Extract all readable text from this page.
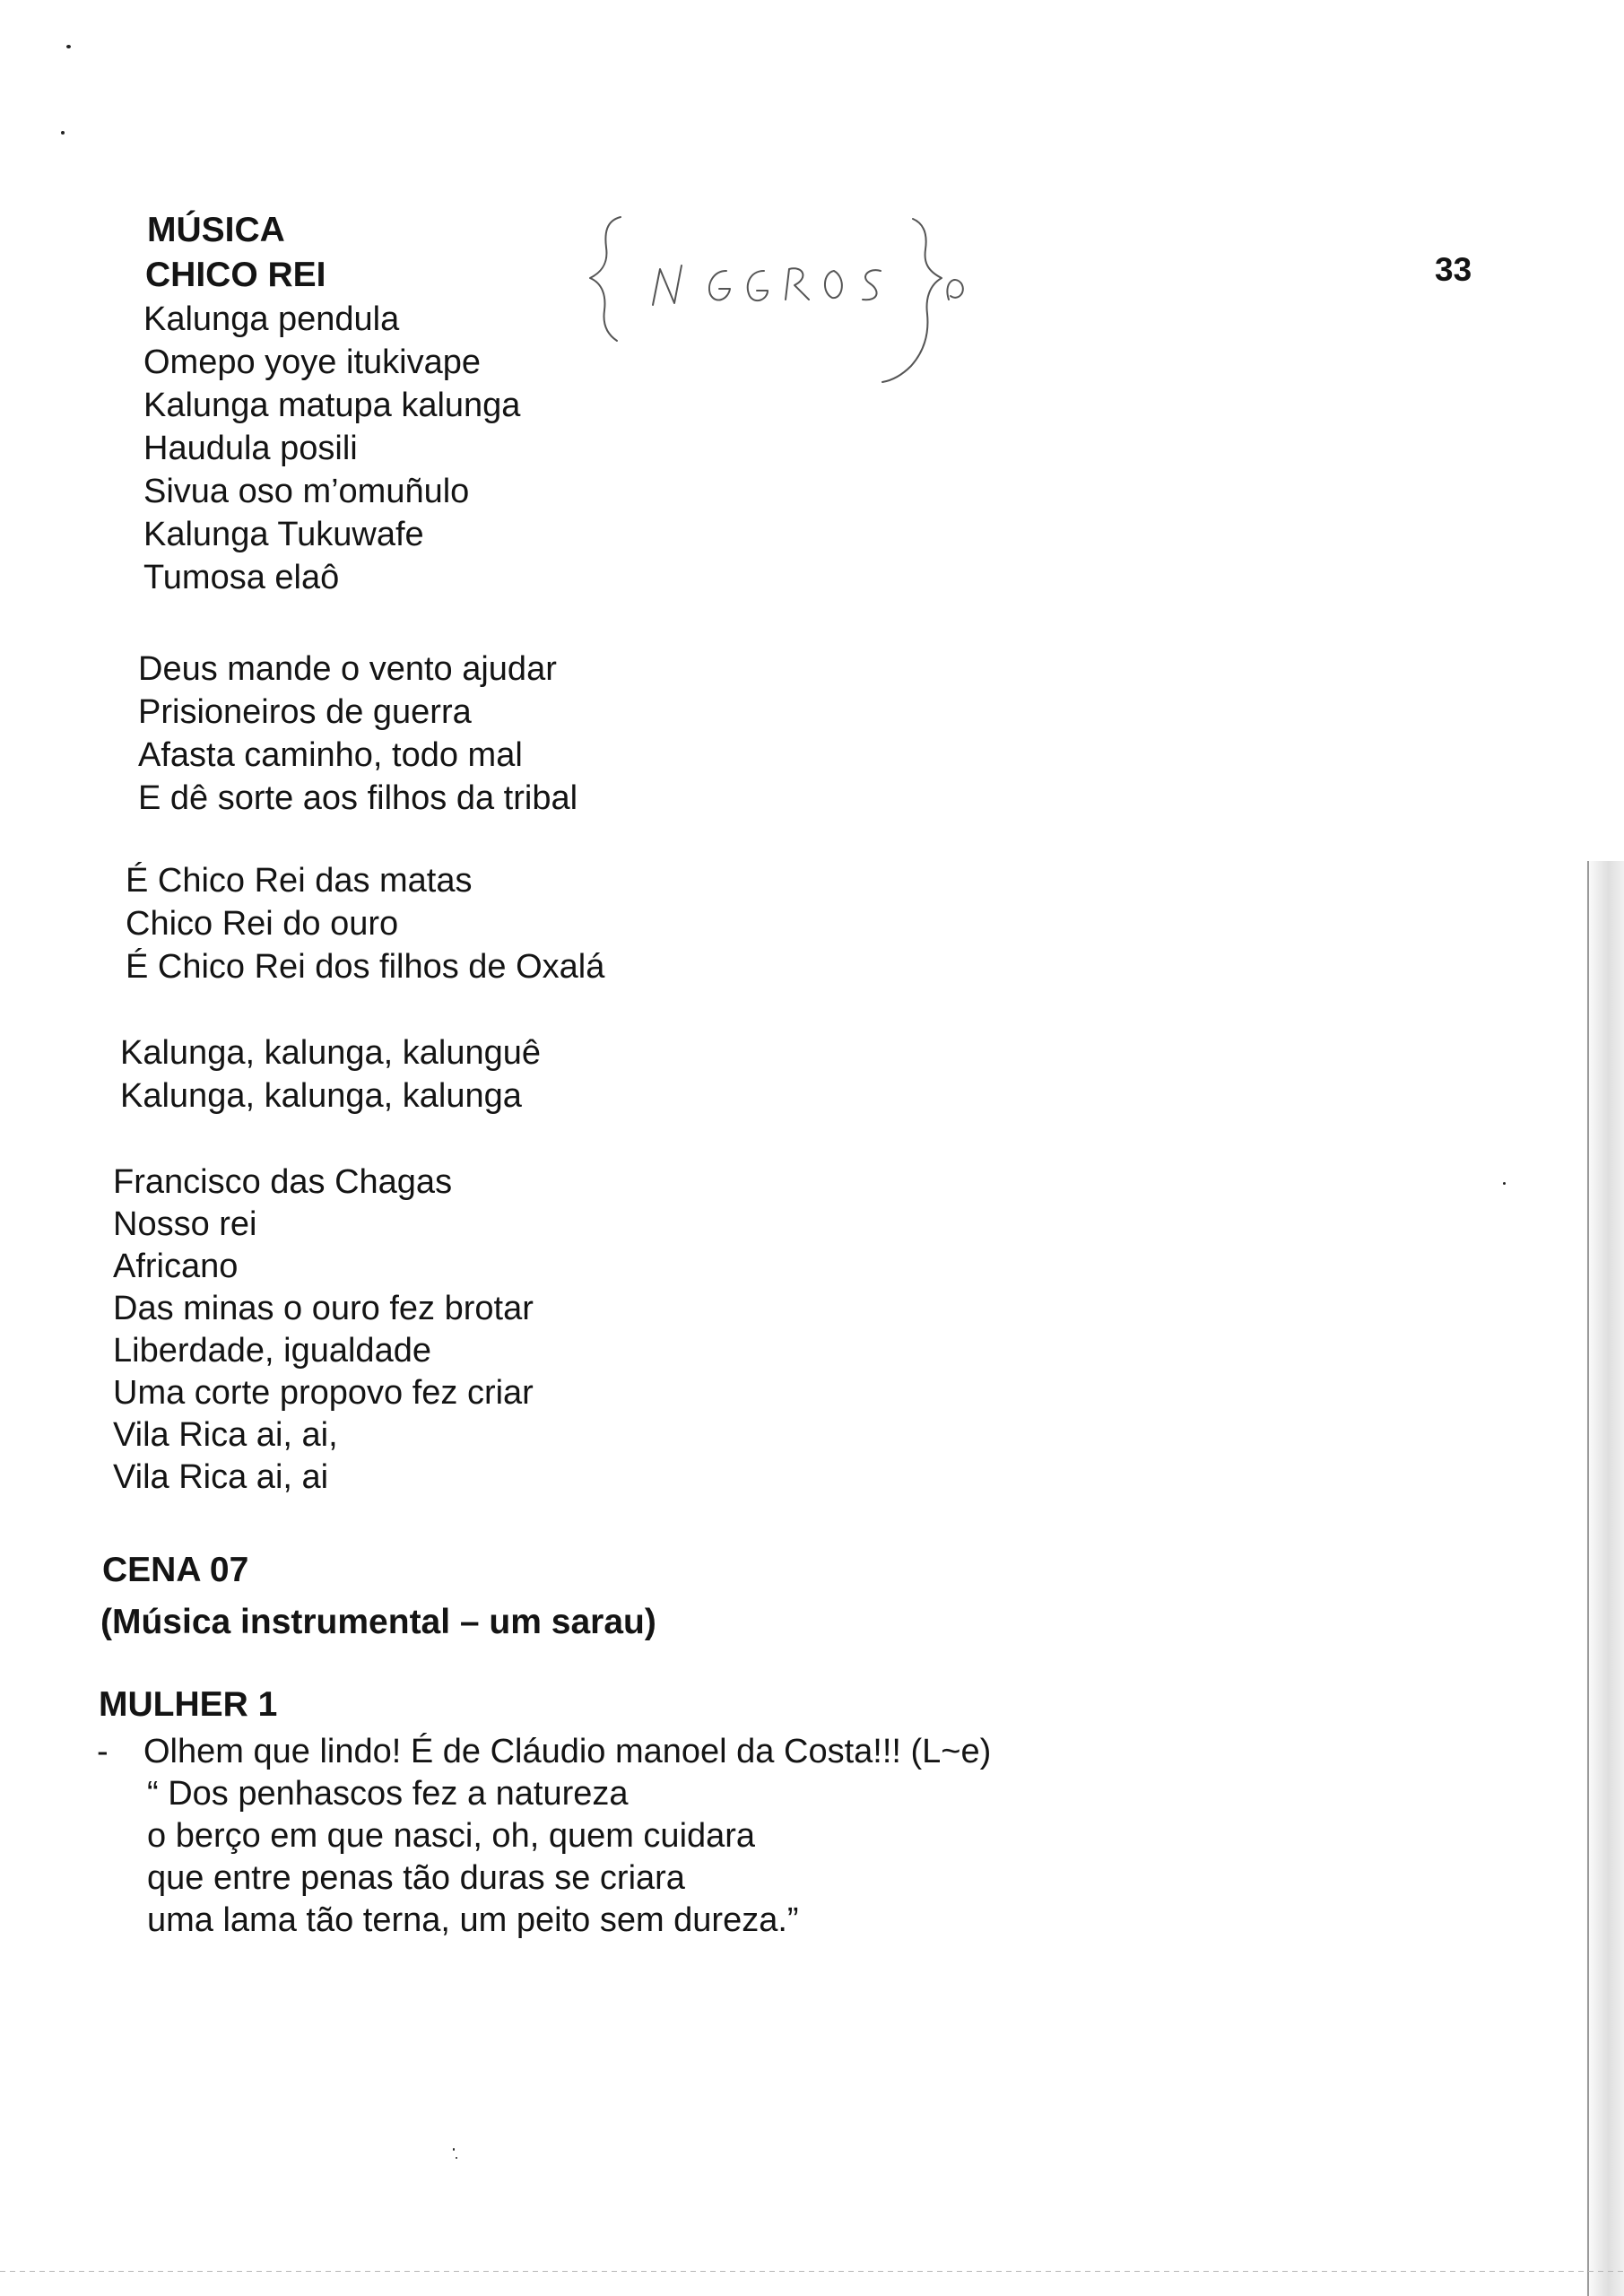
33
MÚSICA
CHICO REI
Kalunga pendula
Omepo yoye itukivape
Kalunga matupa kalunga
Haudula posili
Sivua oso m’omuñulo
Kalunga Tukuwafe
Tumosa elaô
Deus mande o vento ajudar
Prisioneiros de guerra
Afasta caminho, todo mal
E dê sorte aos filhos da tribal
É Chico Rei das matas
Chico Rei do ouro
É Chico Rei dos filhos de Oxalá
Kalunga, kalunga, kalunguê
Kalunga, kalunga, kalunga
Francisco das Chagas
Nosso rei
Africano
Das minas o ouro fez brotar
Liberdade, igualdade
Uma corte propovo fez criar
Vila Rica ai, ai,
Vila Rica ai, ai
CENA 07
(Música instrumental – um sarau)
MULHER 1
- Olhem que lindo! É de Cláudio manoel da Costa!!! (L~e)
“ Dos penhascos fez a natureza
o berço em que nasci, oh, quem cuidara
que entre penas tão duras se criara
uma lama tão terna, um peito sem dureza.”
